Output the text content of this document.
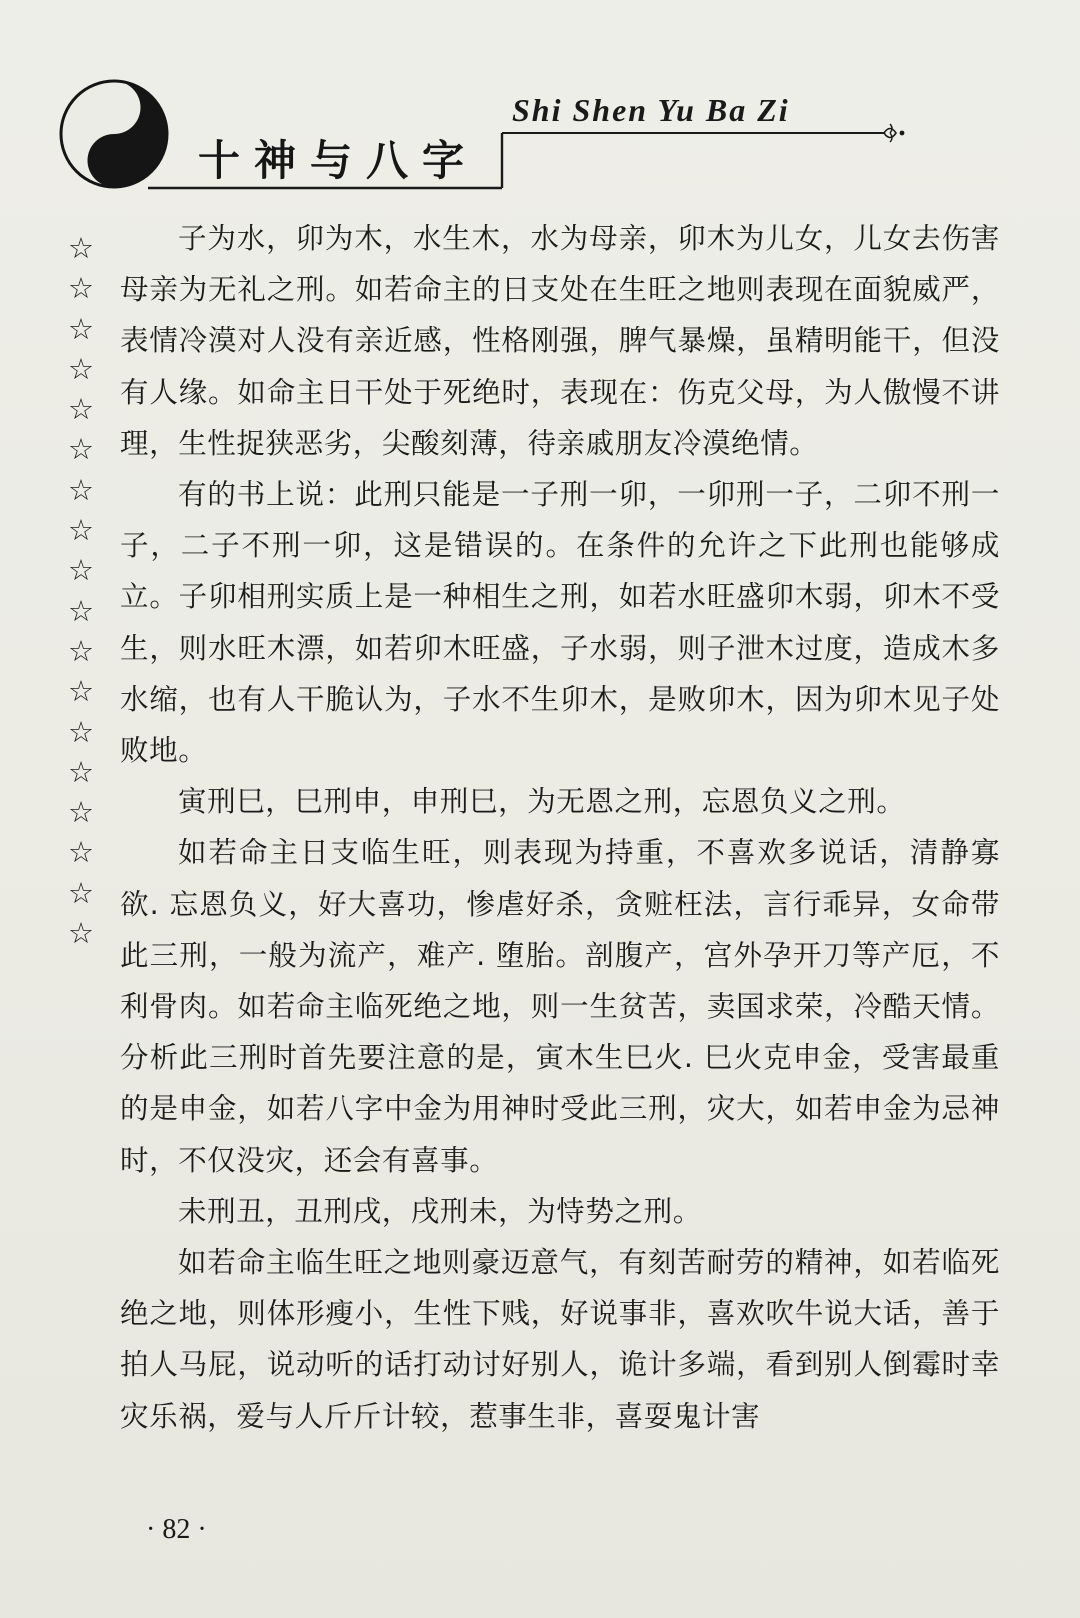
十神与八字
Shi Shen Yu Ba Zi
☆
☆
☆
☆
☆
☆
☆
☆
☆
☆
☆
☆
☆
☆
☆
☆
☆
☆

子为水，卯为木，水生木，水为母亲，卯木为儿女，儿女去伤害母亲为无礼之刑。如若命主的日支处在生旺之地则表现在面貌威严，表情冷漠对人没有亲近感，性格刚强，脾气暴燥，虽精明能干，但没有人缘。如命主日干处于死绝时，表现在：伤克父母，为人傲慢不讲理，生性捉狭恶劣，尖酸刻薄，待亲戚朋友冷漠绝情。

有的书上说：此刑只能是一子刑一卯，一卯刑一子，二卯不刑一子，二子不刑一卯，这是错误的。在条件的允许之下此刑也能够成立。子卯相刑实质上是一种相生之刑，如若水旺盛卯木弱，卯木不受生，则水旺木漂，如若卯木旺盛，子水弱，则子泄木过度，造成木多水缩，也有人干脆认为，子水不生卯木，是败卯木，因为卯木见子处败地。

寅刑巳，巳刑申，申刑巳，为无恩之刑，忘恩负义之刑。

如若命主日支临生旺，则表现为持重，不喜欢多说话，清静寡欲. 忘恩负义，好大喜功，惨虐好杀，贪赃枉法，言行乖异，女命带此三刑，一般为流产，难产. 堕胎。剖腹产，宫外孕开刀等产厄，不利骨肉。如若命主临死绝之地，则一生贫苦，卖国求荣，冷酷天情。分析此三刑时首先要注意的是，寅木生巳火. 巳火克申金，受害最重的是申金，如若八字中金为用神时受此三刑，灾大，如若申金为忌神时，不仅没灾，还会有喜事。

未刑丑，丑刑戌，戌刑未，为恃势之刑。

如若命主临生旺之地则豪迈意气，有刻苦耐劳的精神，如若临死绝之地，则体形瘦小，生性下贱，好说事非，喜欢吹牛说大话，善于拍人马屁，说动听的话打动讨好别人，诡计多端，看到别人倒霉时幸灾乐祸，爱与人斤斤计较，惹事生非，喜耍鬼计害

· 82 ·
